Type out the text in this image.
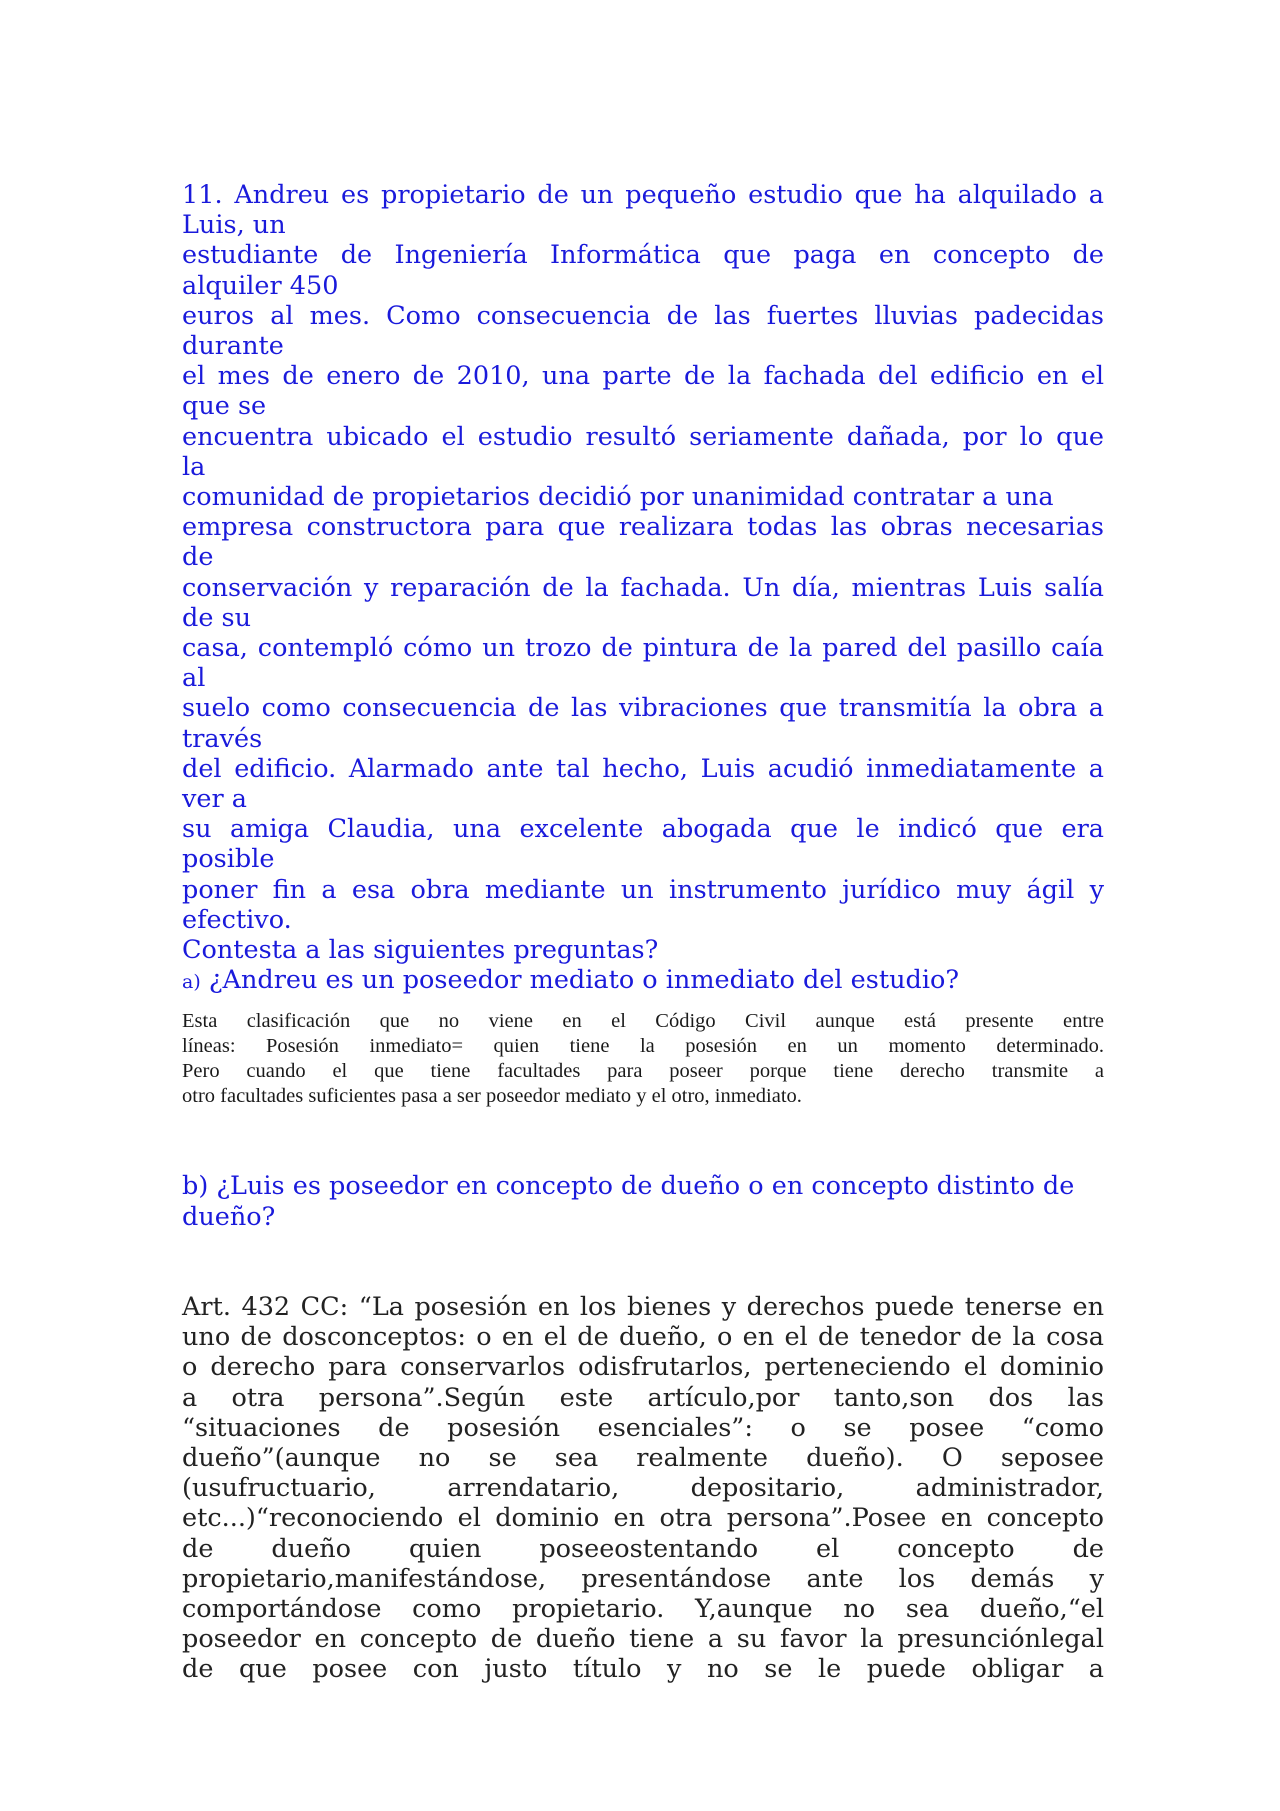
11. Andreu es propietario de un pequeño estudio que ha alquilado a

Luis, un

estudiante de Ingeniería Informática que paga en concepto de

alquiler 450

euros al mes. Como consecuencia de las fuertes lluvias padecidas

durante

el mes de enero de 2010, una parte de la fachada del edificio en el

que se

encuentra ubicado el estudio resultó seriamente dañada, por lo que

la

comunidad de propietarios decidió por unanimidad contratar a una

empresa constructora para que realizara todas las obras necesarias

de

conservación y reparación de la fachada. Un día, mientras Luis salía

de su

casa, contempló cómo un trozo de pintura de la pared del pasillo caía

al

suelo como consecuencia de las vibraciones que transmitía la obra a

través

del edificio. Alarmado ante tal hecho, Luis acudió inmediatamente a

ver a

su amiga Claudia, una excelente abogada que le indicó que era

posible

poner fin a esa obra mediante un instrumento jurídico muy ágil y

efectivo.

Contesta a las siguientes preguntas?

a) ¿Andreu es un poseedor mediato o inmediato del estudio?

Esta clasificación que no viene en el Código Civil aunque está presente entre

líneas: Posesión inmediato= quien tiene la posesión en un momento determinado.

Pero cuando el que tiene facultades para poseer porque tiene derecho transmite a

otro facultades suficientes pasa a ser poseedor mediato y el otro, inmediato.

b) ¿Luis es poseedor en concepto de dueño o en concepto distinto de

dueño?

Art. 432 CC: “La posesión en los bienes y derechos puede tenerse en

uno de dosconceptos: o en el de dueño, o en el de tenedor de la cosa

o derecho para conservarlos odisfrutarlos, perteneciendo el dominio

a otra persona”.Según este artículo,por tanto,son dos las

“situaciones de posesión esenciales”: o se posee “como

dueño”(aunque no se sea realmente dueño). O seposee

(usufructuario, arrendatario, depositario, administrador,

etc...)“reconociendo el dominio en otra persona”.Posee en concepto

de dueño quien poseeostentando el concepto de

propietario,manifestándose, presentándose ante los demás y

comportándose como propietario. Y,aunque no sea dueño,“el

poseedor en concepto de dueño tiene a su favor la presunciónlegal

de que posee con justo título y no se le puede obligar a
